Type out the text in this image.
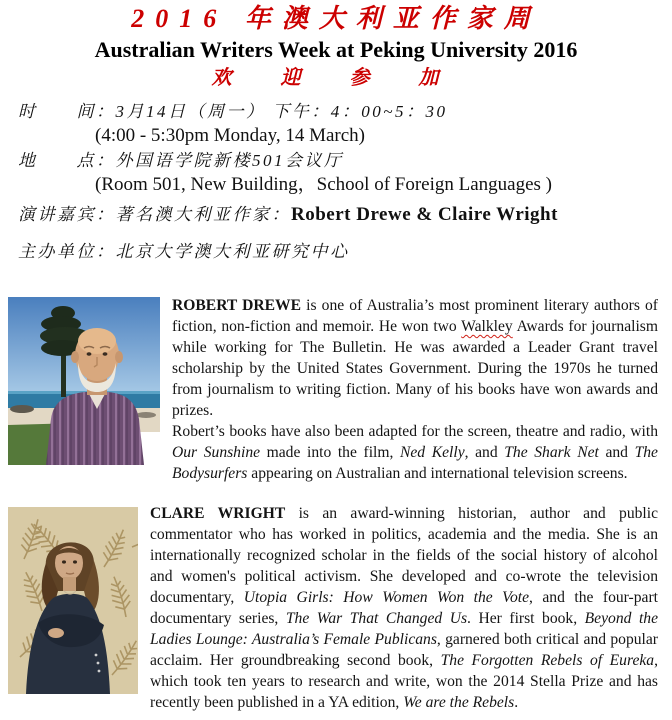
2016 年澳大利亚作家周
Australian Writers Week at Peking University 2016
欢 迎 参 加
时　　间：3月14日（周一） 下午：4：00~5：30
(4:00 - 5:30pm Monday, 14 March)
地　　点：外国语学院新楼501会议厅
(Room 501, New Building，School of Foreign Languages )
演讲嘉宾：著名澳大利亚作家：Robert Drewe & Claire Wright
主办单位：北京大学澳大利亚研究中心

ROBERT DREWE is one of Australia’s most prominent literary authors of fiction, non-fiction and memoir. He won two Walkley Awards for journalism while working for The Bulletin. He was awarded a Leader Grant travel scholarship by the United States Government. During the 1970s he turned from journalism to writing fiction. Many of his books have won awards and prizes.

Robert’s books have also been adapted for the screen, theatre and radio, with Our Sunshine made into the film, Ned Kelly, and The Shark Net and The Bodysurfers appearing on Australian and international television screens.

CLARE WRIGHT is an award-winning historian, author and public commentator who has worked in politics, academia and the media. She is an internationally recognized scholar in the fields of the social history of alcohol and women's political activism. She developed and co-wrote the television documentary, Utopia Girls: How Women Won the Vote, and the four-part documentary series, The War That Changed Us. Her first book, Beyond the Ladies Lounge: Australia’s Female Publicans, garnered both critical and popular acclaim. Her groundbreaking second book, The Forgotten Rebels of Eureka, which took ten years to research and write, won the 2014 Stella Prize and has recently been published in a YA edition, We are the Rebels.
